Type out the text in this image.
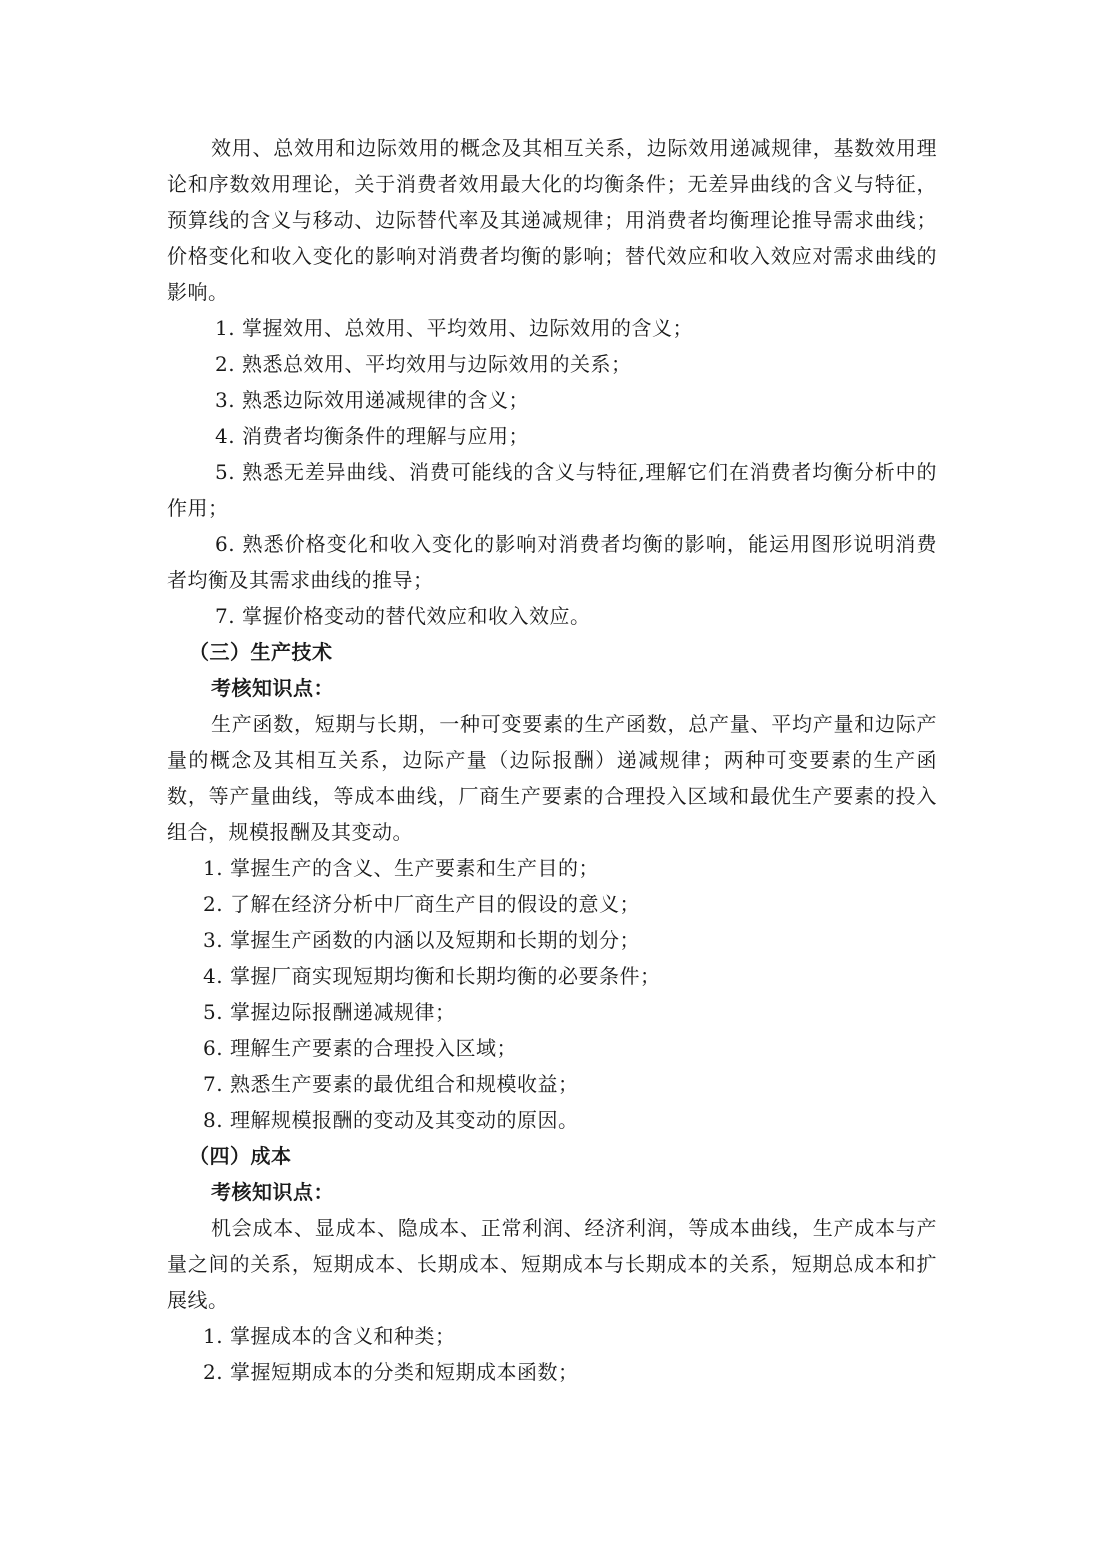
效用、总效用和边际效用的概念及其相互关系，边际效用递减规律，基数效用理论和序数效用理论，关于消费者效用最大化的均衡条件；无差异曲线的含义与特征，预算线的含义与移动、边际替代率及其递减规律；用消费者均衡理论推导需求曲线；价格变化和收入变化的影响对消费者均衡的影响；替代效应和收入效应对需求曲线的影响。

1. 掌握效用、总效用、平均效用、边际效用的含义；

2. 熟悉总效用、平均效用与边际效用的关系；

3. 熟悉边际效用递减规律的含义；

4. 消费者均衡条件的理解与应用；

5. 熟悉无差异曲线、消费可能线的含义与特征,理解它们在消费者均衡分析中的作用；

6. 熟悉价格变化和收入变化的影响对消费者均衡的影响，能运用图形说明消费者均衡及其需求曲线的推导；

7. 掌握价格变动的替代效应和收入效应。

（三）生产技术

考核知识点：

生产函数，短期与长期，一种可变要素的生产函数，总产量、平均产量和边际产量的概念及其相互关系，边际产量（边际报酬）递减规律；两种可变要素的生产函数，等产量曲线，等成本曲线，厂商生产要素的合理投入区域和最优生产要素的投入组合，规模报酬及其变动。

1. 掌握生产的含义、生产要素和生产目的；

2. 了解在经济分析中厂商生产目的假设的意义；

3. 掌握生产函数的内涵以及短期和长期的划分；

4. 掌握厂商实现短期均衡和长期均衡的必要条件；

5. 掌握边际报酬递减规律；

6. 理解生产要素的合理投入区域；

7. 熟悉生产要素的最优组合和规模收益；

8. 理解规模报酬的变动及其变动的原因。

（四）成本

考核知识点：

机会成本、显成本、隐成本、正常利润、经济利润，等成本曲线，生产成本与产量之间的关系，短期成本、长期成本、短期成本与长期成本的关系，短期总成本和扩展线。

1. 掌握成本的含义和种类；

2. 掌握短期成本的分类和短期成本函数；
